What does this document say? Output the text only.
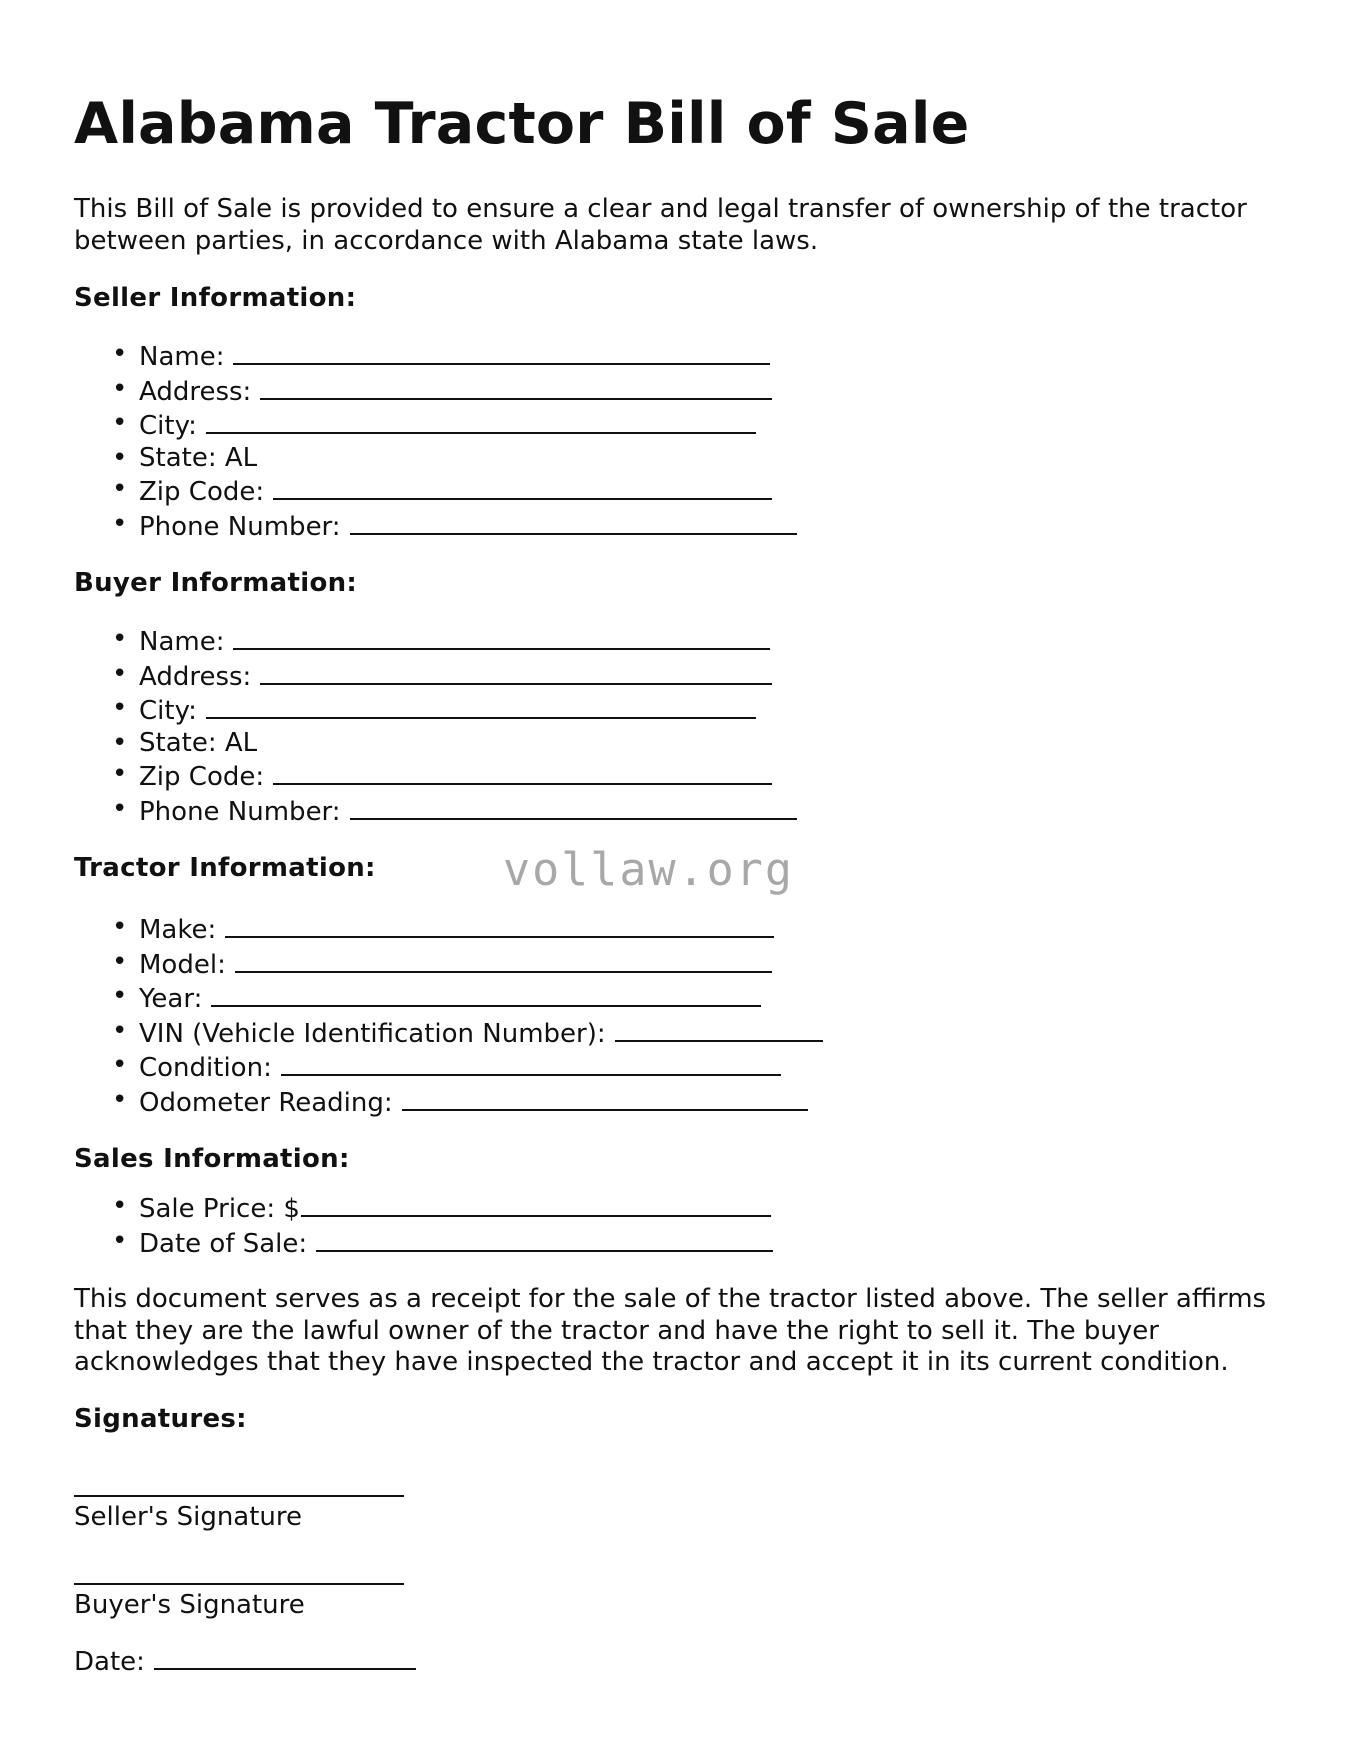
Alabama Tractor Bill of Sale

This Bill of Sale is provided to ensure a clear and legal transfer of ownership of the tractor between parties, in accordance with Alabama state laws.

Seller Information:
• Name:
• Address:
• City:
• State: AL
• Zip Code:
• Phone Number:
Buyer Information:
• Name:
• Address:
• City:
• State: AL
• Zip Code:
• Phone Number:
Tractor Information:
• Make:
• Model:
• Year:
• VIN (Vehicle Identification Number):
• Condition:
• Odometer Reading:
Sales Information:
• Sale Price: $
• Date of Sale:

This document serves as a receipt for the sale of the tractor listed above. The seller affirms that they are the lawful owner of the tractor and have the right to sell it. The buyer acknowledges that they have inspected the tractor and accept it in its current condition.

Signatures:
Seller's Signature
Buyer's Signature
Date:
vollaw.org
